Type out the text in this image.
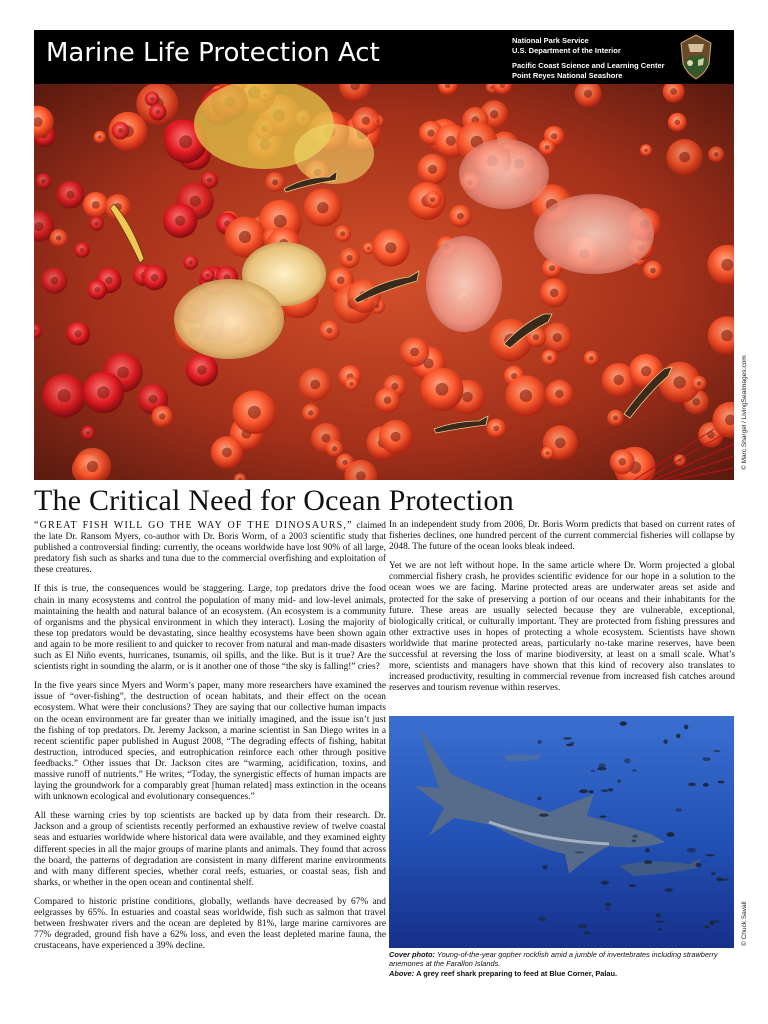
Marine Life Protection Act	National Park Service
U.S. Department of the Interior
Pacific Coast Science and Learning Center
Point Reyes National Seashore
© Marc Shargel / LivingSeaImages.com
The Critical Need for Ocean Protection

“GREAT FISH WILL GO THE WAY OF THE DINOSAURS,” claimed the late Dr. Ransom Myers, co-author with Dr. Boris Worm, of a 2003 scientific study that published a controversial finding: currently, the oceans worldwide have lost 90% of all large, predatory fish such as sharks and tuna due to the commercial overfishing and exploitation of these creatures.

If this is true, the consequences would be staggering. Large, top predators drive the food chain in many ecosystems and control the population of many mid- and low-level animals, maintaining the health and natural balance of an ecosystem. (An ecosystem is a community of organisms and the physical environment in which they interact). Losing the majority of these top predators would be devastating, since healthy ecosystems have been shown again and again to be more resilient to and quicker to recover from natural and man-made disasters such as El Niño events, hurricanes, tsunamis, oil spills, and the like. But is it true? Are the scientists right in sounding the alarm, or is it another one of those “the sky is falling!” cries?

In the five years since Myers and Worm’s paper, many more researchers have examined the issue of “over-fishing”, the destruction of ocean habitats, and their effect on the ocean ecosystem. What were their conclusions? They are saying that our collective human impacts on the ocean environment are far greater than we initially imagined, and the issue isn’t just the fishing of top predators. Dr. Jeremy Jackson, a marine scientist in San Diego writes in a recent scientific paper published in August 2008, “The degrading effects of fishing, habitat destruction, introduced species, and eutrophication reinforce each other through positive feedbacks.” Other issues that Dr. Jackson cites are “warming, acidification, toxins, and massive runoff of nutrients.” He writes, “Today, the synergistic effects of human impacts are laying the groundwork for a comparably great [human related] mass extinction in the oceans with unknown ecological and evolutionary consequences.”

All these warning cries by top scientists are backed up by data from their research. Dr. Jackson and a group of scientists recently performed an exhaustive review of twelve coastal seas and estuaries worldwide where historical data were available, and they examined eighty different species in all the major groups of marine plants and animals. They found that across the board, the patterns of degradation are consistent in many different marine environments and with many different species, whether coral reefs, estuaries, or coastal seas, fish and sharks, or whether in the open ocean and continental shelf.

Compared to historic pristine conditions, globally, wetlands have decreased by 67% and eelgrasses by 65%. In estuaries and coastal seas worldwide, fish such as salmon that travel between freshwater rivers and the ocean are depleted by 81%, large marine carnivores are 77% degraded, ground fish have a 62% loss, and even the least depleted marine fauna, the crustaceans, have experienced a 39% decline.

In an independent study from 2006, Dr. Boris Worm predicts that based on current rates of fisheries declines, one hundred percent of the current commercial fisheries will collapse by 2048. The future of the ocean looks bleak indeed.

Yet we are not left without hope. In the same article where Dr. Worm projected a global commercial fishery crash, he provides scientific evidence for our hope in a solution to the ocean woes we are facing. Marine protected areas are underwater areas set aside and protected for the sake of preserving a portion of our oceans and their inhabitants for the future. These areas are usually selected because they are vulnerable, exceptional, biologically critical, or culturally important. They are protected from fishing pressures and other extractive uses in hopes of protecting a whole ecosystem. Scientists have shown worldwide that marine protected areas, particularly no-take marine reserves, have been successful at reversing the loss of marine biodiversity, at least on a small scale. What’s more, scientists and managers have shown that this kind of recovery also translates to increased productivity, resulting in commercial revenue from increased fish catches around reserves and tourism revenue within reserves.

© Chuck Savall

Cover photo: Young-of-the-year gopher rockfish amid a jumble of invertebrates including strawberry anemones at the Farallon Islands.

Above: A grey reef shark preparing to feed at Blue Corner, Palau.
